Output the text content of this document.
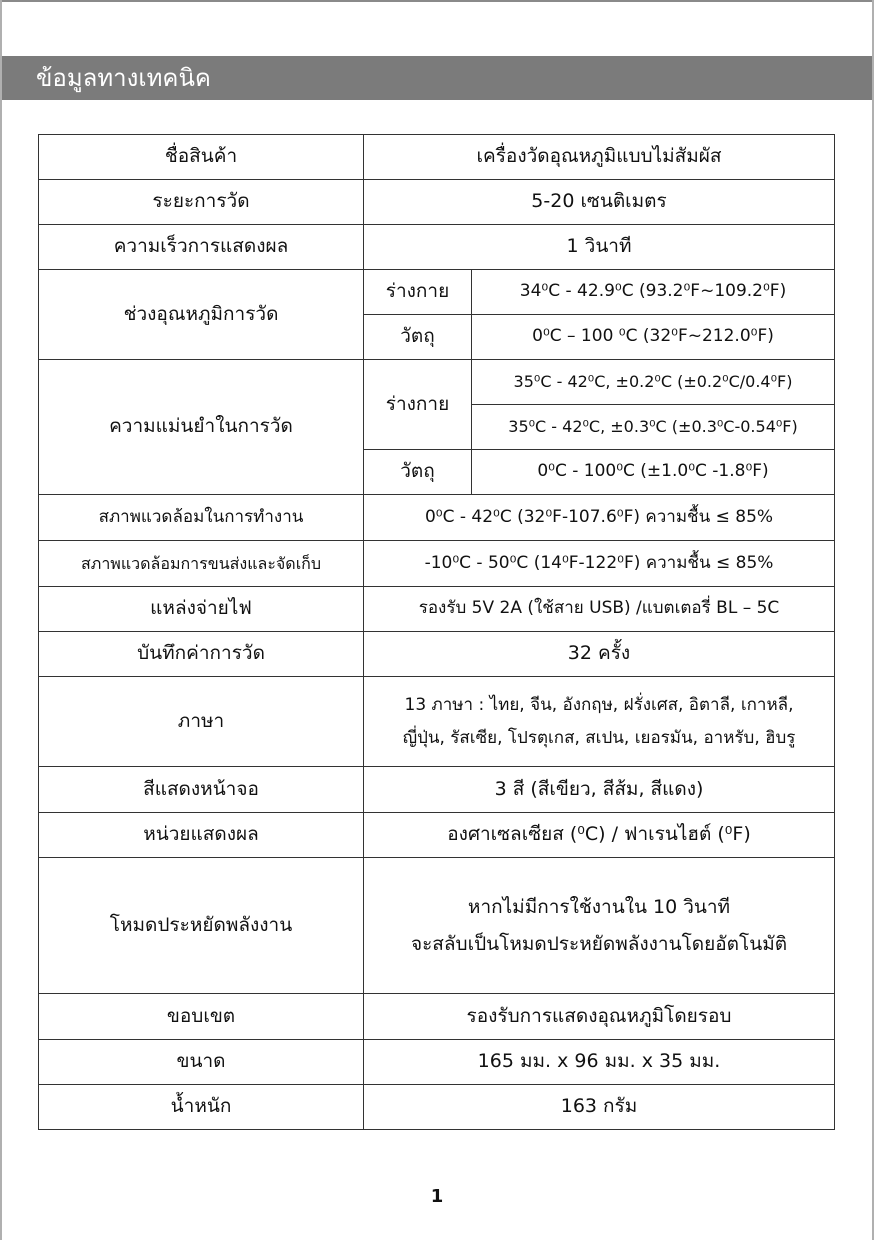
ข้อมูลทางเทคนิค
ชื่อสินค้า	เครื่องวัดอุณหภูมิแบบไม่สัมผัส	
ระยะการวัด	5-20 เซนติเมตร	
ความเร็วการแสดงผล	1 วินาที	
ช่วงอุณหภูมิการวัด	ร่างกาย	34⁰C - 42.9⁰C (93.2⁰F~109.2⁰F)
	วัตถุ	0⁰C – 100 ⁰C (32⁰F~212.0⁰F)
ความแม่นยำในการวัด	ร่างกาย	35⁰C - 42⁰C, ±0.2⁰C (±0.2⁰C/0.4⁰F)
		35⁰C - 42⁰C, ±0.3⁰C (±0.3⁰C-0.54⁰F)
	วัตถุ	0⁰C - 100⁰C (±1.0⁰C -1.8⁰F)
สภาพแวดล้อมในการทำงาน	0⁰C - 42⁰C (32⁰F-107.6⁰F) ความชื้น ≤ 85%	
สภาพแวดล้อมการขนส่งและจัดเก็บ	-10⁰C - 50⁰C (14⁰F-122⁰F) ความชื้น ≤ 85%	
แหล่งจ่ายไฟ	รองรับ 5V 2A (ใช้สาย USB) /แบตเตอรี่ BL – 5C	
บันทึกค่าการวัด	32 ครั้ง	
ภาษา	13 ภาษา : ไทย, จีน, อังกฤษ, ฝรั่งเศส, อิตาลี, เกาหลี,
ญี่ปุ่น, รัสเซีย, โปรตุเกส, สเปน, เยอรมัน, อาหรับ, ฮิบรู	

สีแสดงหน้าจอ	3 สี (สีเขียว, สีส้ม, สีแดง)	
หน่วยแสดงผล	องศาเซลเซียส (⁰C) / ฟาเรนไฮต์ (⁰F)	
โหมดประหยัดพลังงาน	หากไม่มีการใช้งานใน 10 วินาที
จะสลับเป็นโหมดประหยัดพลังงานโดยอัตโนมัติ	

ขอบเขต	รองรับการแสดงอุณหภูมิโดยรอบ	
ขนาด	165 มม. x 96 มม. x 35 มม.	
น้ำหนัก	163 กรัม	
1
